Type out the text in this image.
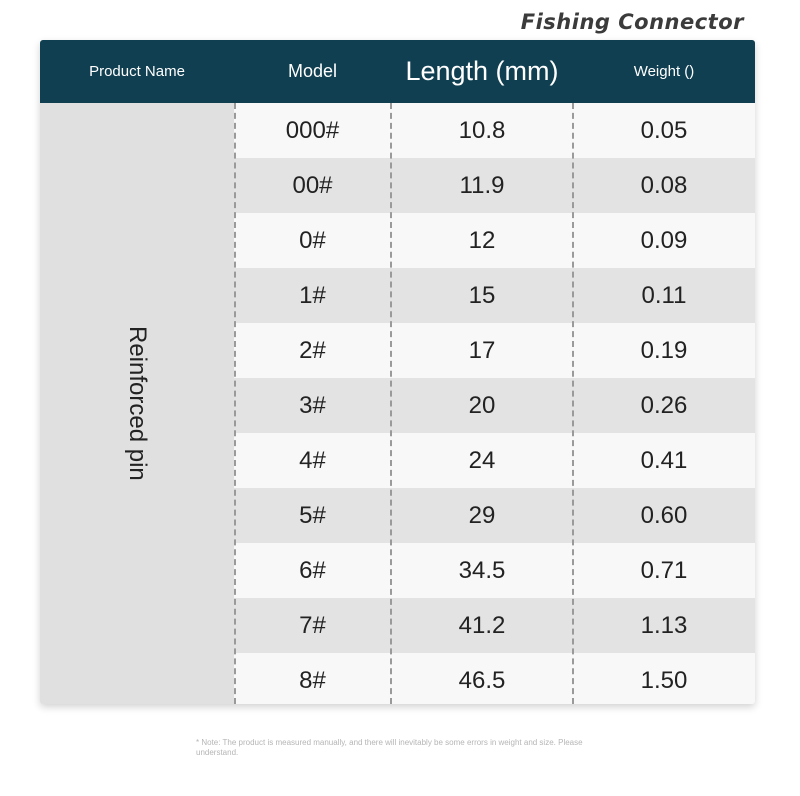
Fishing Connector
Product Name	Model	Length (mm)	Weight ()
Reinforced pin
000#	10.8	0.05
00#	11.9	0.08
0#	12	0.09
1#	15	0.11
2#	17	0.19
3#	20	0.26
4#	24	0.41
5#	29	0.60
6#	34.5	0.71
7#	41.2	1.13
8#	46.5	1.50
* Note: The product is measured manually, and there will inevitably be some errors in weight and size. Please understand.
